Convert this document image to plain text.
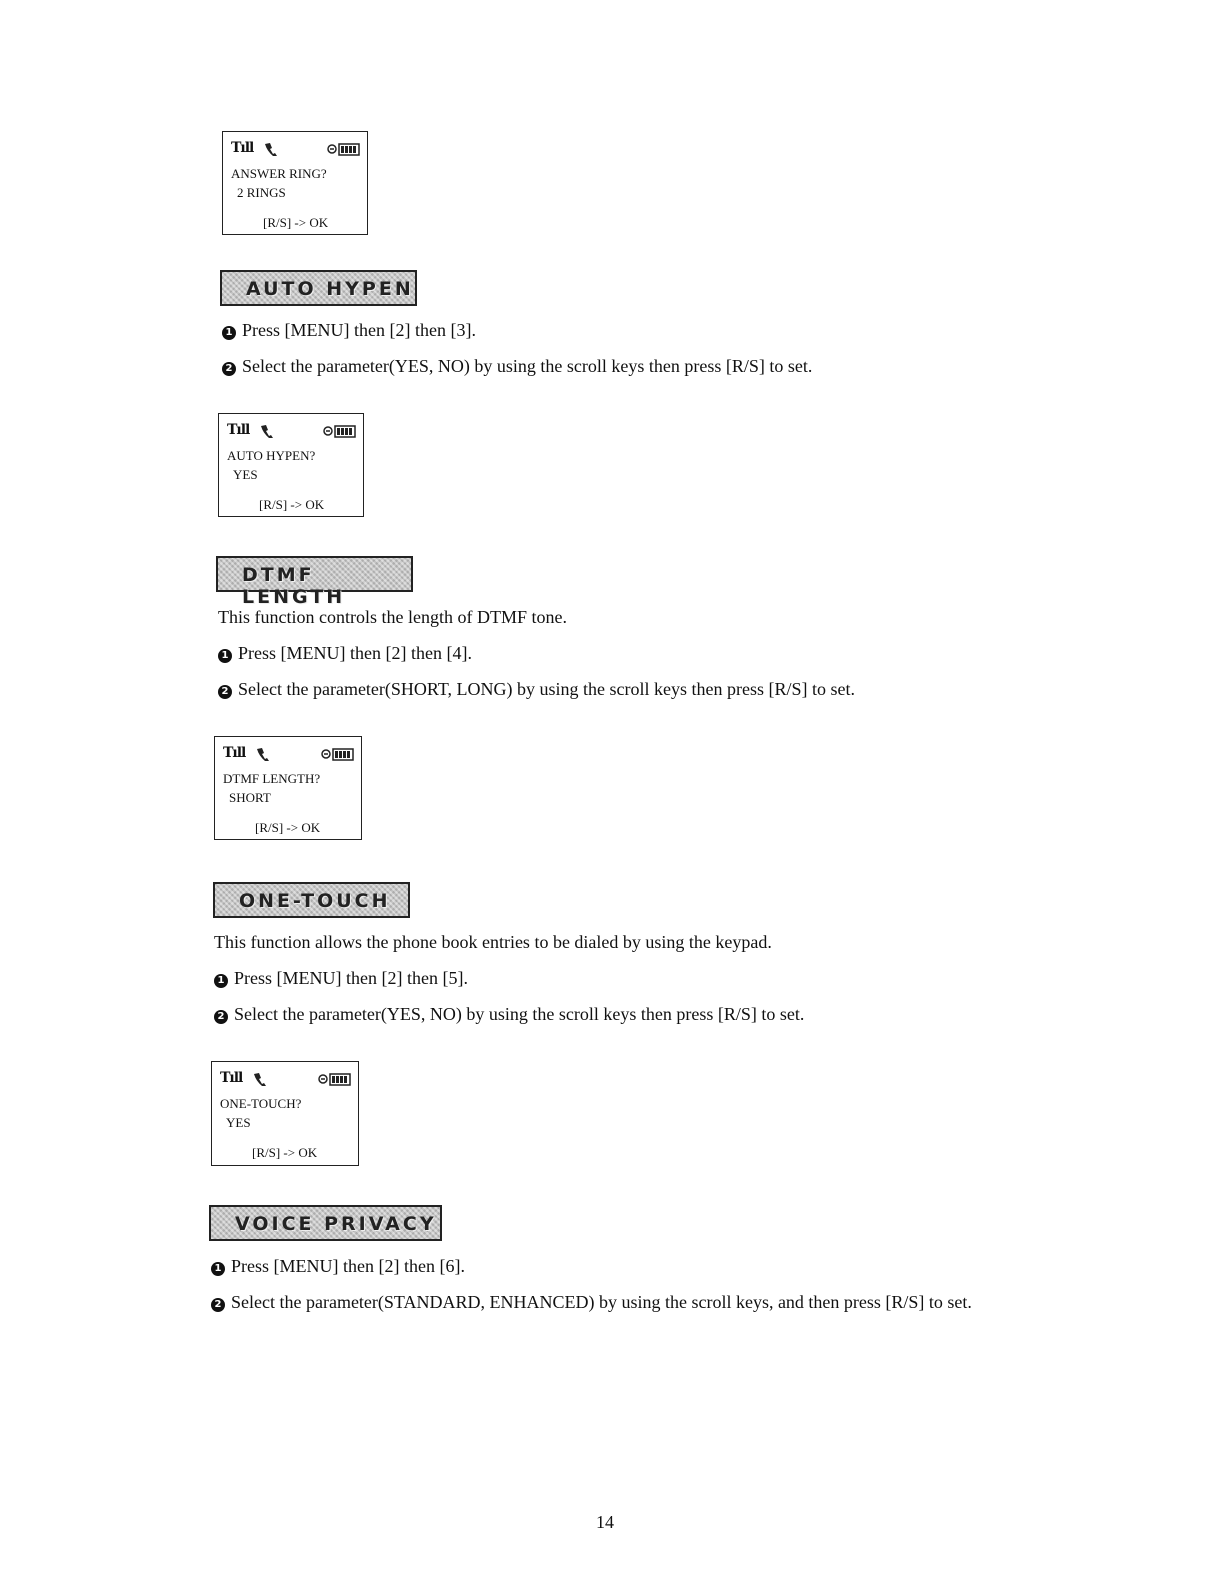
Tıll
ANSWER RING?
2 RINGS
[R/S] -> OK
AUTO HYPEN
1 Press [MENU] then [2] then [3].
2 Select the parameter(YES, NO) by using the scroll keys then press [R/S] to set.
Tıll
AUTO HYPEN?
YES
[R/S] -> OK
DTMF LENGTH
This function controls the length of DTMF tone.
1 Press [MENU] then [2] then [4].
2 Select the parameter(SHORT, LONG) by using the scroll keys then press [R/S] to set.
Tıll
DTMF LENGTH?
SHORT
[R/S] -> OK
ONE-TOUCH
This function allows the phone book entries to be dialed by using the keypad.
1 Press [MENU] then [2] then [5].
2 Select the parameter(YES, NO) by using the scroll keys then press [R/S] to set.
Tıll
ONE-TOUCH?
YES
[R/S] -> OK
VOICE PRIVACY
1 Press [MENU] then [2] then [6].
2 Select the parameter(STANDARD, ENHANCED) by using the scroll keys, and then press [R/S] to set.
14
